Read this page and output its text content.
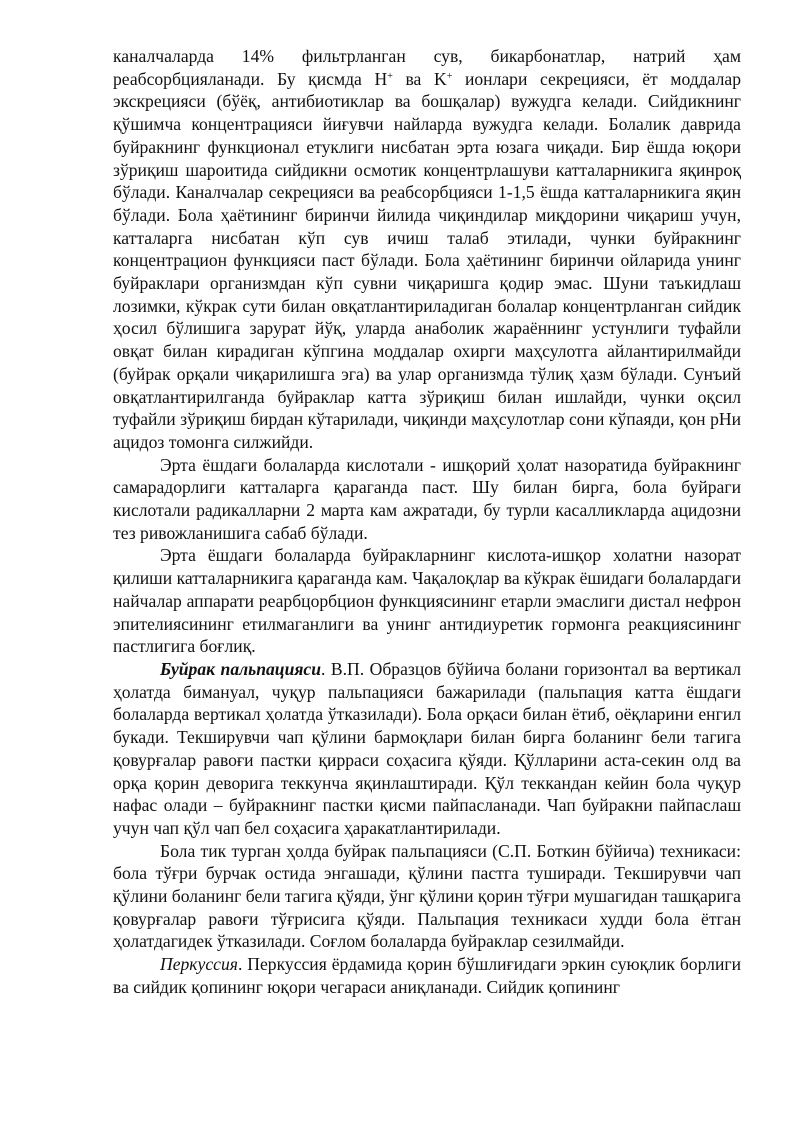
каналчаларда 14% фильтрланган сув, бикарбонатлар, натрий ҳам реабсорбцияланади. Бу қисмда H+ ва K+ ионлари секрецияси, ёт моддалар экскрецияси (бўёқ, антибиотиклар ва бошқалар) вужудга келади. Сийдикнинг қўшимча концентрацияси йиғувчи найларда вужудга келади. Болалик даврида буйракнинг функционал етуклиги нисбатан эрта юзага чиқади. Бир ёшда юқори зўриқиш шароитида сийдикни осмотик концентрлашуви катталарникига яқинроқ бўлади. Каналчалар секрецияси ва реабсорбцияси 1-1,5 ёшда катталарникига яқин бўлади. Бола ҳаётининг биринчи йилида чиқиндилар миқдорини чиқариш учун, катталарга нисбатан кўп сув ичиш талаб этилади, чунки буйракнинг концентрацион функцияси паст бўлади. Бола ҳаётининг биринчи ойларида унинг буйраклари организмдан кўп сувни чиқаришга қодир эмас. Шуни таъкидлаш лозимки, кўкрак сути билан овқатлантириладиган болалар концентрланган сийдик ҳосил бўлишига зарурат йўқ, уларда анаболик жараённинг устунлиги туфайли овқат билан кирадиган кўпгина моддалар охирги маҳсулотга айлантирилмайди (буйрак орқали чиқарилишга эга) ва улар организмда тўлиқ ҳазм бўлади. Сунъий овқатлантирилганда буйраклар катта зўриқиш билан ишлайди, чунки оқсил туфайли зўриқиш бирдан кўтарилади, чиқинди маҳсулотлар сони кўпаяди, қон рHи ацидоз томонга силжийди.

Эрта ёшдаги болаларда кислотали - ишқорий ҳолат назоратида буйракнинг самарадорлиги катталарга қараганда паст. Шу билан бирга, бола буйраги кислотали радикалларни 2 марта кам ажратади, бу турли касалликларда ацидозни тез ривожланишига сабаб бўлади.

Эрта ёшдаги болаларда буйракларнинг кислота-ишқор холатни назорат қилиши катталарникига қараганда кам. Чақалоқлар ва кўкрак ёшидаги болалардаги найчалар аппарати реарбцорбцион функциясининг етарли эмаслиги дистал нефрон эпителиясининг етилмаганлиги ва унинг антидиуретик гормонга реакциясининг пастлигига боғлиқ.

Буйрак пальпацияси. В.П. Образцов бўйича болани горизонтал ва вертикал ҳолатда бимануал, чуқур пальпацияси бажарилади (пальпация катта ёшдаги болаларда вертикал ҳолатда ўтказилади). Бола орқаси билан ётиб, оёқларини енгил букади. Текширувчи чап қўлини бармоқлари билан бирга боланинг бели тагига қовурғалар равоғи пастки қирраси соҳасига қўяди. Қўлларини аста-секин олд ва орқа қорин деворига теккунча яқинлаштиради. Қўл теккандан кейин бола чуқур нафас олади – буйракнинг пастки қисми пайпасланади. Чап буйракни пайпаслаш учун чап қўл чап бел соҳасига ҳаракатлантирилади.

Бола тик турган ҳолда буйрак пальпацияси (С.П. Боткин бўйича) техникаси: бола тўғри бурчак остида энгашади, қўлини пастга туширади. Текширувчи чап қўлини боланинг бели тагига қўяди, ўнг қўлини қорин тўғри мушагидан ташқарига қовурғалар равоғи тўғрисига қўяди. Пальпация техникаси худди бола ётган ҳолатдагидек ўтказилади. Соғлом болаларда буйраклар сезилмайди.

Перкуссия. Перкуссия ёрдамида қорин бўшлиғидаги эркин суюқлик борлиги ва сийдик қопининг юқори чегараси аниқланади. Сийдик қопининг
